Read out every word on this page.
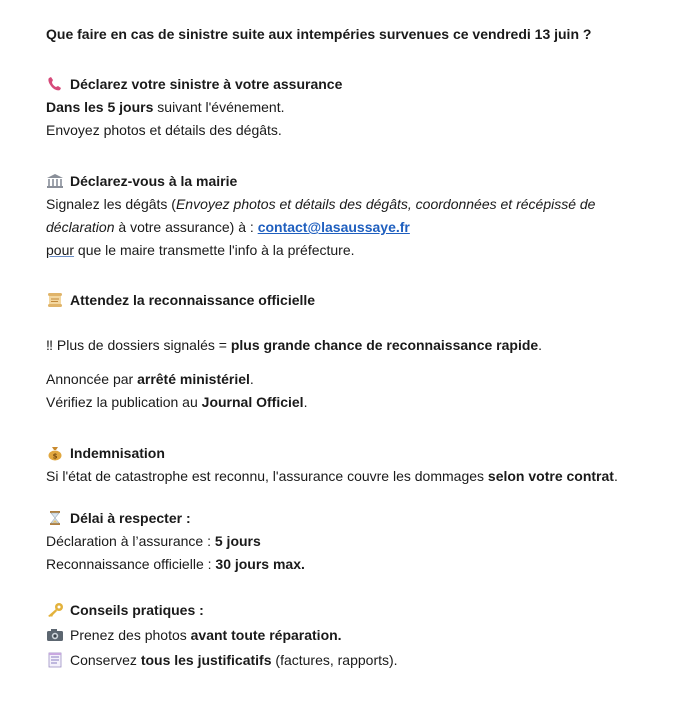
Que faire en cas de sinistre suite aux intempéries survenues ce vendredi 13 juin ?
Déclarez votre sinistre à votre assurance
Dans les 5 jours suivant l'événement.
Envoyez photos et détails des dégâts.
Déclarez-vous à la mairie
Signalez les dégâts (Envoyez photos et détails des dégâts, coordonnées et récépissé de
déclaration à votre assurance) à : contact@lasaussaye.fr
pour que le maire transmette l'info à la préfecture.
Attendez la reconnaissance officielle
‼ Plus de dossiers signalés = plus grande chance de reconnaissance rapide.
Annoncée par arrêté ministériel.
Vérifiez la publication au Journal Officiel.
$ Indemnisation
Si l'état de catastrophe est reconnu, l'assurance couvre les dommages selon votre contrat.
Délai à respecter :
Déclaration à l’assurance : 5 jours
Reconnaissance officielle : 30 jours max.
Conseils pratiques :
Prenez des photos avant toute réparation.
Conservez tous les justificatifs (factures, rapports).
